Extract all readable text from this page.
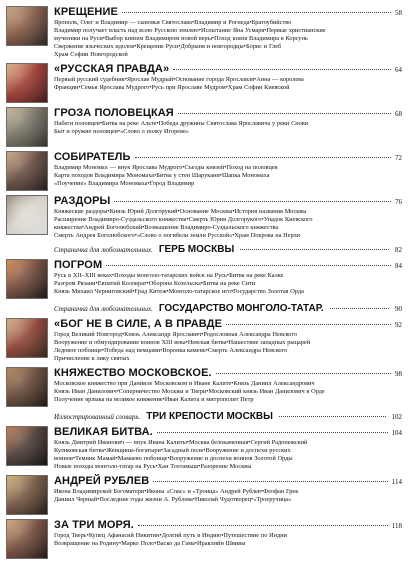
КРЕЩЕНИЕ	58
Ярополк, Олег и Владимир — сыновья Святослава•Владимир и Рогнеда•Братоубийство
Владимир получает власть над всею Русскою землею•Испытание Яна Усмаря•Первые христианские
мученики на Руси•Выбор князем Владимиром новой веры•Поход князя Владимира в Корсунь
Свержение языческих идолов•Крещение Руси•Добрыня и новгородцы•Борис и Глеб
Храм Софии Новгородской
«РУССКАЯ ПРАВДА»	64
Первый русский судебник•Ярослав Мудрый•Основание города Ярославля•Анна — королева
Франции•Семья Ярослава Мудрого•Русь при Ярославе Мудром•Храм Софии Киевской
ГРОЗА ПОЛОВЕЦКАЯ	68
Набеги половцев•Битва на реке Альте•Победа дружины Святослава Ярославича у реки Снови
Быт и оружие половцев•«Слово о полку Игореве»
СОБИРАТЕЛЬ	72
Владимир Мономах — внук Ярослава Мудрого•Съезды князей•Поход на половцев
Карта походов Владимира Мономаха•Битва у стен Шарукани•Шапка Мономаха
«Поучение» Владимира Мономаха•Город Владимир
РАЗДОРЫ	76
Княжеские раздоры•Князь Юрий Долгорукий•Основание Москвы•История названия Москвы
Расширение Владимиро-Суздальского княжества•Смерть Юрия Долгорукого•Упадок Киевского
княжества•Андрей Боголюбский•Возвышение Владимиро-Суздальского княжества
Смерть Андрея Боголюбского•«Слово о погибели земли Русской»•Храм Покрова на Нерли
Страничка для любознательных. ГЕРБ МОСКВЫ	82
ПОГРОМ	84
Русь в XII–XIII веках•Походы монголо-татарских войск на Русь•Битва на реке Калке
Разгром Рязани•Евпатий Коловрат•Оборона Козельска•Битва на реке Сити
Князь Михаил Черниговский•Град Китеж•Монголо-татарское иго•Государство Золотая Орда
Страничка для любознательных. ГОСУДАРСТВО МОНГОЛО-ТАТАР.	90
«БОГ НЕ В СИЛЕ, А В ПРАВДЕ	92
Город Великий Новгород•Князь Александр Ярославич•Родословная Александра Невского
Вооружение и обмундирование воинов XIII века•Невская битва•Нашествие западных рыцарей
Ледовое побоище•Победа над немцами•Воронка камень•Смерть Александра Невского
Причисление к лику святых
КНЯЖЕСТВО МОСКОВСКОЕ.	98
Московское княжество при Данииле Московском и Иване Калите•Князь Даниил Александрович
Князь Иван Данилович•Соперничество Москвы и Твери•Московский князь Иван Данилович в Орде
Получение ярлыка на великое княжение•Иван Калита и митрополит Петр
Иллюстрированный словарь. ТРИ КРЕПОСТИ МОСКВЫ	102
ВЕЛИКАЯ БИТВА.	104
Князь Дмитрий Иванович — внук Ивана Калиты•Москва белокаменная•Сергий Радонежский
Куликовская битва•Женщины-богатыри•Засадный полк•Вооружение и доспехи русских
воинов•Темник Мамай•Мамаево побоище•Вооружение и доспехи воинов Золотой Орды
Новые походы монголо-татар на Русь•Хан Тохтамыш•Разорение Москвы
АНДРЕЙ РУБЛЕВ	114
Икона Владимирской Богоматери•Иконы «Спас» и «Троица» Андрей Рублев•Феофан Грек
Даниил Черный•Последние годы жизни А. Рублева•Николай Чудотворец•«Троеручица»
ЗА ТРИ МОРЯ.	118
Город Тверь•Купец Афанасий Никитин•Долгий путь в Индию•Путешествие по Индии
Возвращение на Родину•Марко Поло•Васко да Гама•Ираклийн Швивы
